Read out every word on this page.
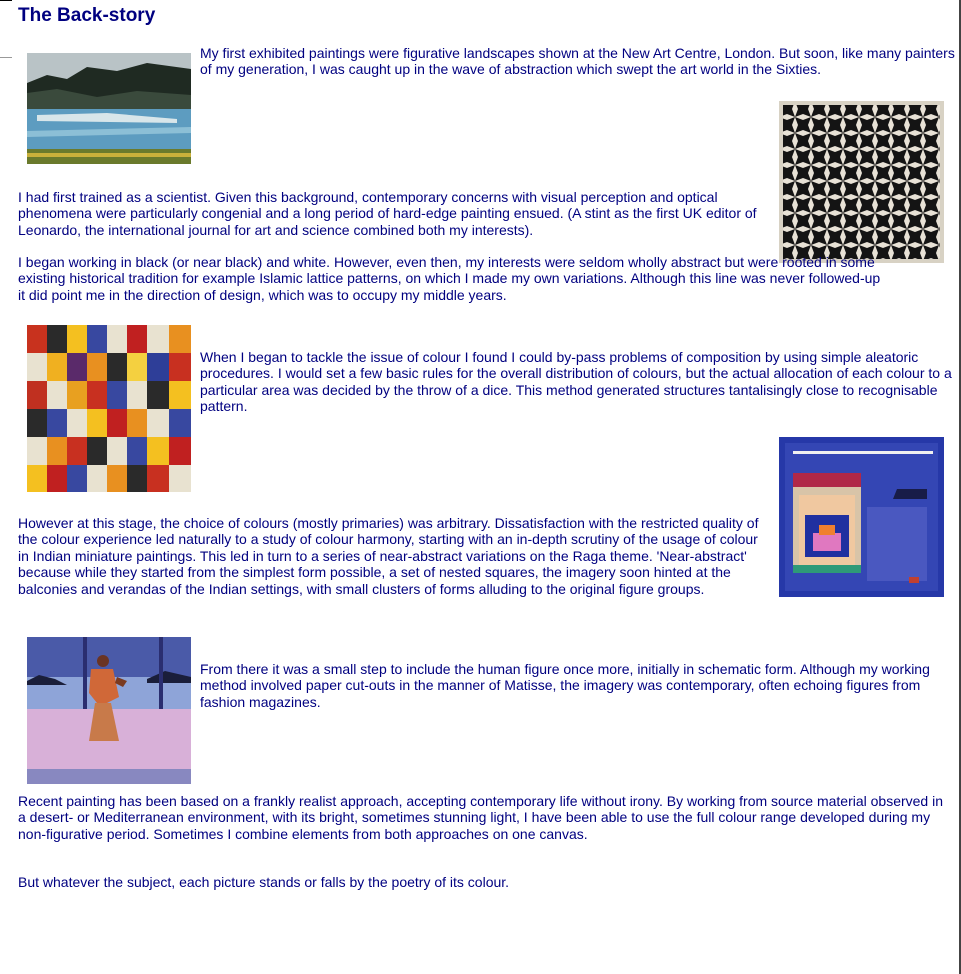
The Back-story

My first exhibited paintings were figurative landscapes shown at the New Art Centre, London. But soon, like many painters of my generation, I was caught up in the wave of abstraction which swept the art world in the Sixties.

I had first trained as a scientist. Given this background, contemporary concerns with visual perception and optical phenomena were particularly congenial and a long period of hard-edge painting ensued. (A stint as the first UK editor of Leonardo, the international journal for art and science combined both my interests).

I began working in black (or near black) and white. However, even then, my interests were seldom wholly abstract but were rooted in some existing historical tradition for example Islamic lattice patterns, on which I made my own variations. Although this line was never followed-up it did point me in the direction of design, which was to occupy my middle years.

When I began to tackle the issue of colour I found I could by-pass problems of composition by using simple aleatoric procedures. I would set a few basic rules for the overall distribution of colours, but the actual allocation of each colour to a particular area was decided by the throw of a dice. This method generated structures tantalisingly close to recognisable pattern.

However at this stage, the choice of colours (mostly primaries) was arbitrary. Dissatisfaction with the restricted quality of the colour experience led naturally to a study of colour harmony, starting with an in-depth scrutiny of the usage of colour in Indian miniature paintings. This led in turn to a series of near-abstract variations on the Raga theme. 'Near-abstract' because while they started from the simplest form possible, a set of nested squares, the imagery soon hinted at the balconies and verandas of the Indian settings, with small clusters of forms alluding to the original figure groups.

From there it was a small step to include the human figure once more, initially in schematic form. Although my working method involved paper cut-outs in the manner of Matisse, the imagery was contemporary, often echoing figures from fashion magazines.

Recent painting has been based on a frankly realist approach, accepting contemporary life without irony. By working from source material observed in a desert- or Mediterranean environment, with its bright, sometimes stunning light, I have been able to use the full colour range developed during my non-figurative period. Sometimes I combine elements from both approaches on one canvas.

But whatever the subject, each picture stands or falls by the poetry of its colour.
